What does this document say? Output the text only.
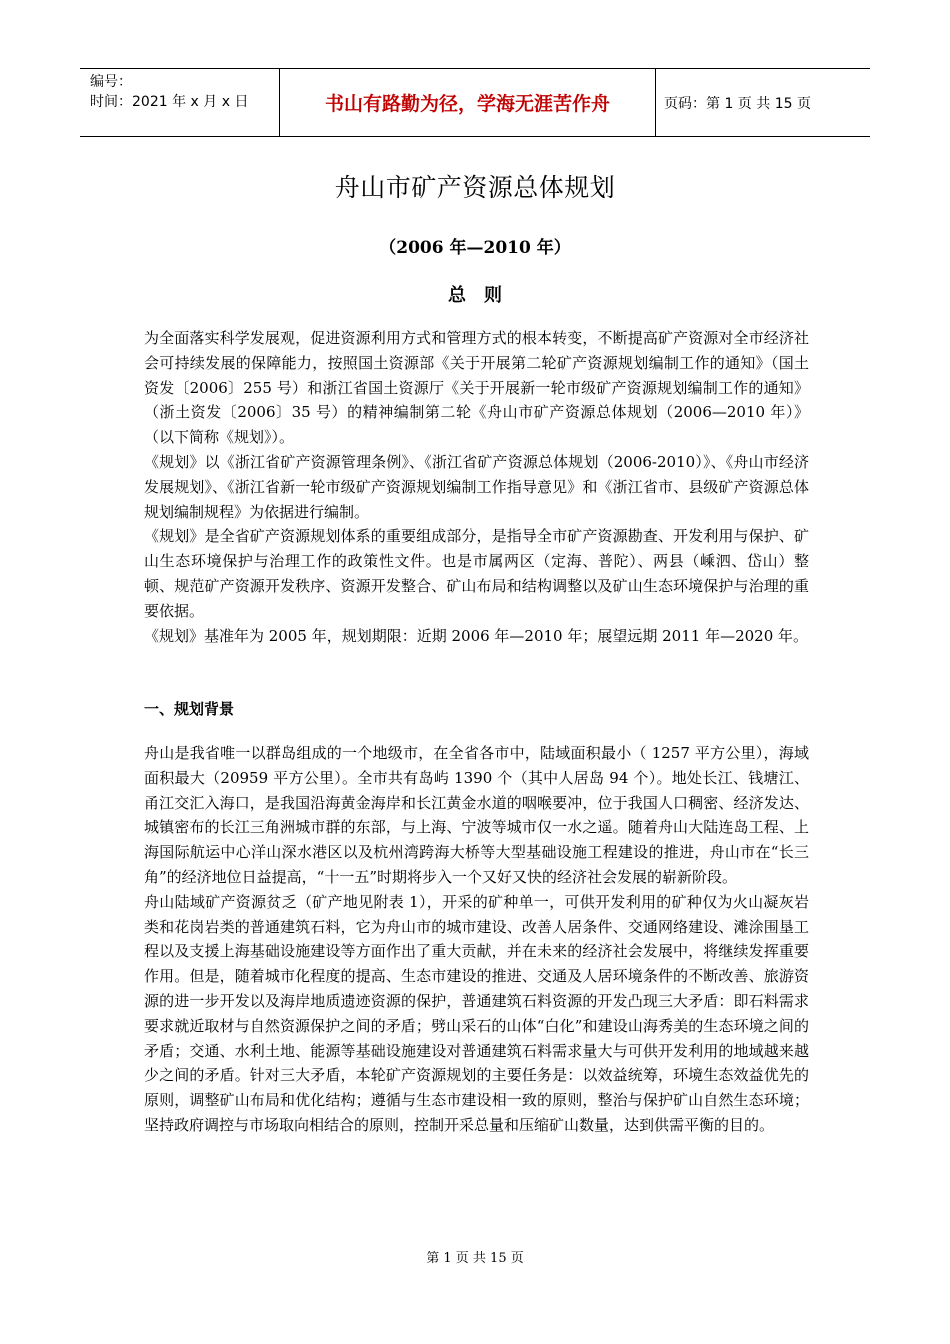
编号：
时间：2021 年 x 月 x 日	书山有路勤为径，学海无涯苦作舟	页码：第 1 页 共 15 页
舟山市矿产资源总体规划
（2006 年—2010 年）
总则

为全面落实科学发展观，促进资源利用方式和管理方式的根本转变，不断提高矿产资源对全市经济社会可持续发展的保障能力，按照国土资源部《关于开展第二轮矿产资源规划编制工作的通知》（国土资发〔2006〕255 号）和浙江省国土资源厅《关于开展新一轮市级矿产资源规划编制工作的通知》（浙土资发〔2006〕35 号）的精神编制第二轮《舟山市矿产资源总体规划（2006—2010 年）》（以下简称《规划》）。

《规划》以《浙江省矿产资源管理条例》、《浙江省矿产资源总体规划（2006-2010）》、《舟山市经济发展规划》、《浙江省新一轮市级矿产资源规划编制工作指导意见》和《浙江省市、县级矿产资源总体规划编制规程》为依据进行编制。

《规划》是全省矿产资源规划体系的重要组成部分，是指导全市矿产资源勘查、开发利用与保护、矿山生态环境保护与治理工作的政策性文件。也是市属两区（定海、普陀）、两县（嵊泗、岱山）整顿、规范矿产资源开发秩序、资源开发整合、矿山布局和结构调整以及矿山生态环境保护与治理的重要依据。

《规划》基准年为 2005 年，规划期限：近期 2006 年—2010 年；展望远期 2011 年—2020 年。

一、规划背景

舟山是我省唯一以群岛组成的一个地级市，在全省各市中，陆域面积最小（ 1257 平方公里），海域面积最大（20959 平方公里）。全市共有岛屿 1390 个（其中人居岛 94 个）。地处长江、钱塘江、甬江交汇入海口，是我国沿海黄金海岸和长江黄金水道的咽喉要冲，位于我国人口稠密、经济发达、城镇密布的长江三角洲城市群的东部，与上海、宁波等城市仅一水之遥。随着舟山大陆连岛工程、上海国际航运中心洋山深水港区以及杭州湾跨海大桥等大型基础设施工程建设的推进，舟山市在“长三角”的经济地位日益提高，“十一五”时期将步入一个又好又快的经济社会发展的崭新阶段。

舟山陆域矿产资源贫乏（矿产地见附表 1），开采的矿种单一，可供开发利用的矿种仅为火山凝灰岩类和花岗岩类的普通建筑石料，它为舟山市的城市建设、改善人居条件、交通网络建设、滩涂围垦工程以及支援上海基础设施建设等方面作出了重大贡献，并在未来的经济社会发展中，将继续发挥重要作用。但是，随着城市化程度的提高、生态市建设的推进、交通及人居环境条件的不断改善、旅游资源的进一步开发以及海岸地质遗迹资源的保护，普通建筑石料资源的开发凸现三大矛盾：即石料需求要求就近取材与自然资源保护之间的矛盾；劈山采石的山体“白化”和建设山海秀美的生态环境之间的矛盾；交通、水利土地、能源等基础设施建设对普通建筑石料需求量大与可供开发利用的地域越来越少之间的矛盾。针对三大矛盾，本轮矿产资源规划的主要任务是：以效益统筹，环境生态效益优先的原则，调整矿山布局和优化结构；遵循与生态市建设相一致的原则，整治与保护矿山自然生态环境；坚持政府调控与市场取向相结合的原则，控制开采总量和压缩矿山数量，达到供需平衡的目的。

第 1 页 共 15 页
